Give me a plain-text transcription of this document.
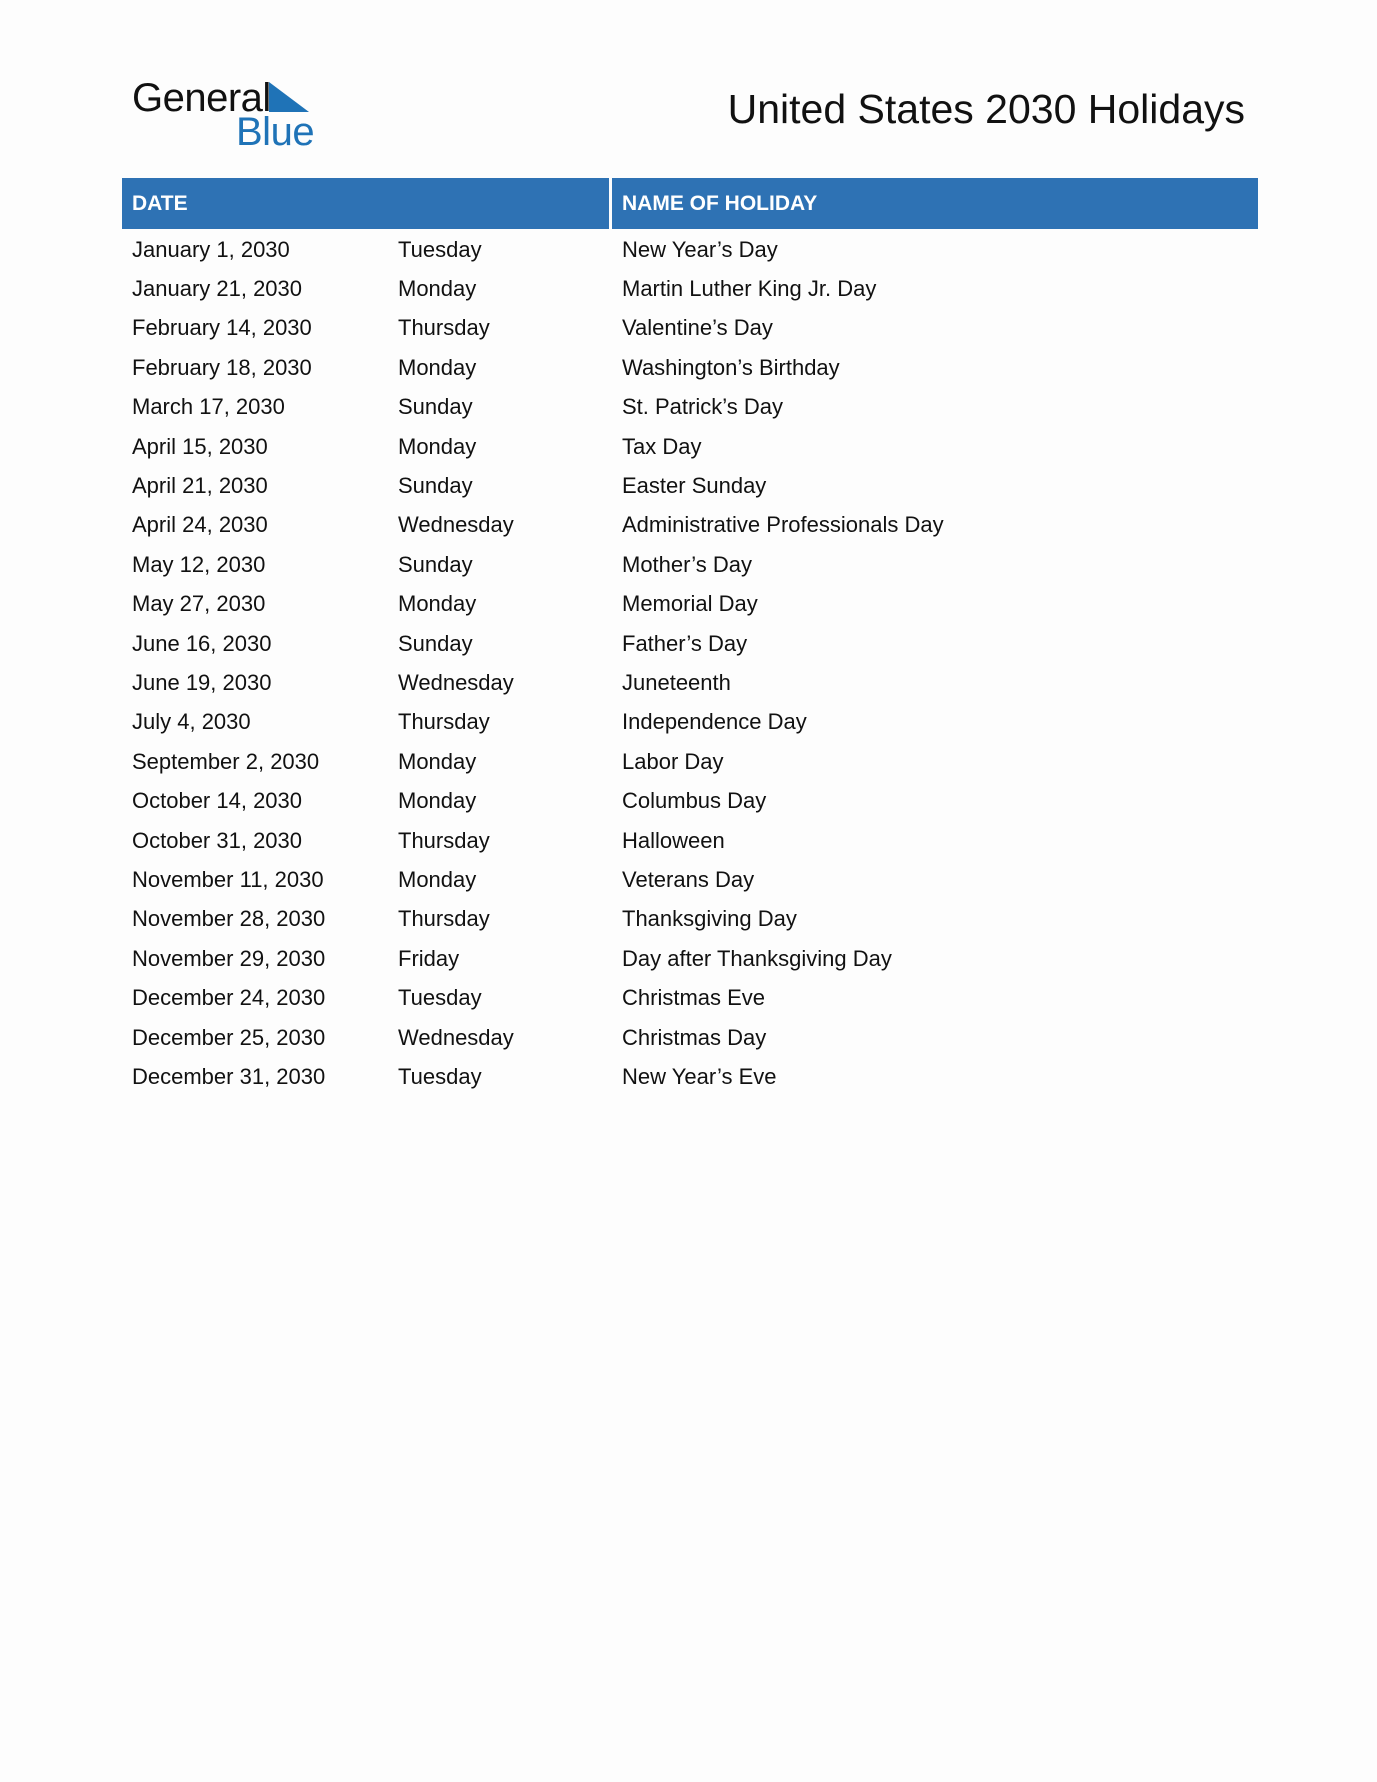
General
Blue	United States 2030 Holidays
DATE	NAME OF HOLIDAY
January 1, 2030	Tuesday	New Year’s Day
January 21, 2030	Monday	Martin Luther King Jr. Day
February 14, 2030	Thursday	Valentine’s Day
February 18, 2030	Monday	Washington’s Birthday
March 17, 2030	Sunday	St. Patrick’s Day
April 15, 2030	Monday	Tax Day
April 21, 2030	Sunday	Easter Sunday
April 24, 2030	Wednesday	Administrative Professionals Day
May 12, 2030	Sunday	Mother’s Day
May 27, 2030	Monday	Memorial Day
June 16, 2030	Sunday	Father’s Day
June 19, 2030	Wednesday	Juneteenth
July 4, 2030	Thursday	Independence Day
September 2, 2030	Monday	Labor Day
October 14, 2030	Monday	Columbus Day
October 31, 2030	Thursday	Halloween
November 11, 2030	Monday	Veterans Day
November 28, 2030	Thursday	Thanksgiving Day
November 29, 2030	Friday	Day after Thanksgiving Day
December 24, 2030	Tuesday	Christmas Eve
December 25, 2030	Wednesday	Christmas Day
December 31, 2030	Tuesday	New Year’s Eve
